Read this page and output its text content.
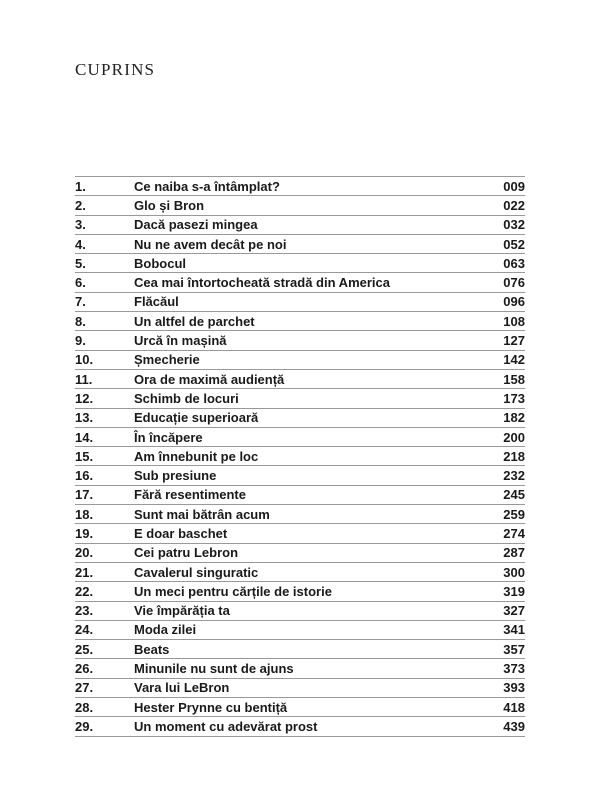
CUPRINS
1.	Ce naiba s-a întâmplat?	009
2.	Glo și Bron	022
3.	Dacă pasezi mingea	032
4.	Nu ne avem decât pe noi	052
5.	Bobocul	063
6.	Cea mai întortocheată stradă din America	076
7.	Flăcăul	096
8.	Un altfel de parchet	108
9.	Urcă în mașină	127
10.	Șmecherie	142
11.	Ora de maximă audiență	158
12.	Schimb de locuri	173
13.	Educație superioară	182
14.	În încăpere	200
15.	Am înnebunit pe loc	218
16.	Sub presiune	232
17.	Fără resentimente	245
18.	Sunt mai bătrân acum	259
19.	E doar baschet	274
20.	Cei patru Lebron	287
21.	Cavalerul singuratic	300
22.	Un meci pentru cărțile de istorie	319
23.	Vie împărăția ta	327
24.	Moda zilei	341
25.	Beats	357
26.	Minunile nu sunt de ajuns	373
27.	Vara lui LeBron	393
28.	Hester Prynne cu bentiță	418
29.	Un moment cu adevărat prost	439
